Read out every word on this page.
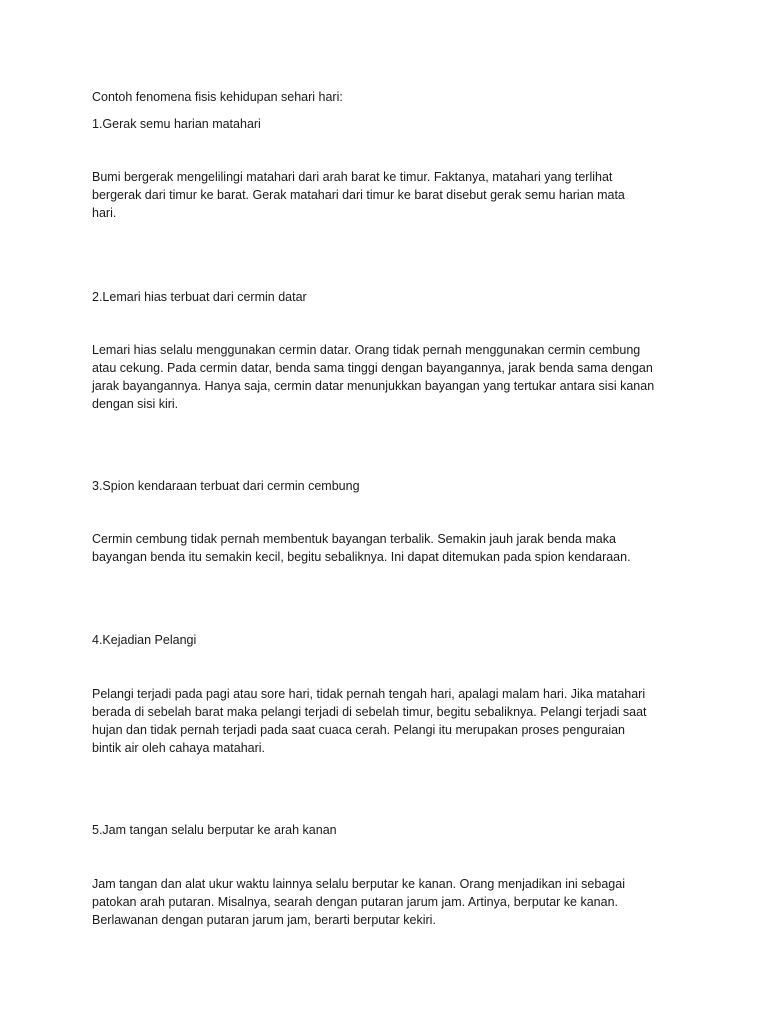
Contoh fenomena fisis kehidupan sehari hari:
1.Gerak semu harian matahari
Bumi bergerak mengelilingi matahari dari arah barat ke timur. Faktanya, matahari yang terlihat
bergerak dari timur ke barat. Gerak matahari dari timur ke barat disebut gerak semu harian mata
hari.
2.Lemari hias terbuat dari cermin datar
Lemari hias selalu menggunakan cermin datar. Orang tidak pernah menggunakan cermin cembung
atau cekung. Pada cermin datar, benda sama tinggi dengan bayangannya, jarak benda sama dengan
jarak bayangannya. Hanya saja, cermin datar menunjukkan bayangan yang tertukar antara sisi kanan
dengan sisi kiri.
3.Spion kendaraan terbuat dari cermin cembung
Cermin cembung tidak pernah membentuk bayangan terbalik. Semakin jauh jarak benda maka
bayangan benda itu semakin kecil, begitu sebaliknya. Ini dapat ditemukan pada spion kendaraan.
4.Kejadian Pelangi
Pelangi terjadi pada pagi atau sore hari, tidak pernah tengah hari, apalagi malam hari. Jika matahari
berada di sebelah barat maka pelangi terjadi di sebelah timur, begitu sebaliknya. Pelangi terjadi saat
hujan dan tidak pernah terjadi pada saat cuaca cerah. Pelangi itu merupakan proses penguraian
bintik air oleh cahaya matahari.
5.Jam tangan selalu berputar ke arah kanan
Jam tangan dan alat ukur waktu lainnya selalu berputar ke kanan. Orang menjadikan ini sebagai
patokan arah putaran. Misalnya, searah dengan putaran jarum jam. Artinya, berputar ke kanan.
Berlawanan dengan putaran jarum jam, berarti berputar kekiri.
